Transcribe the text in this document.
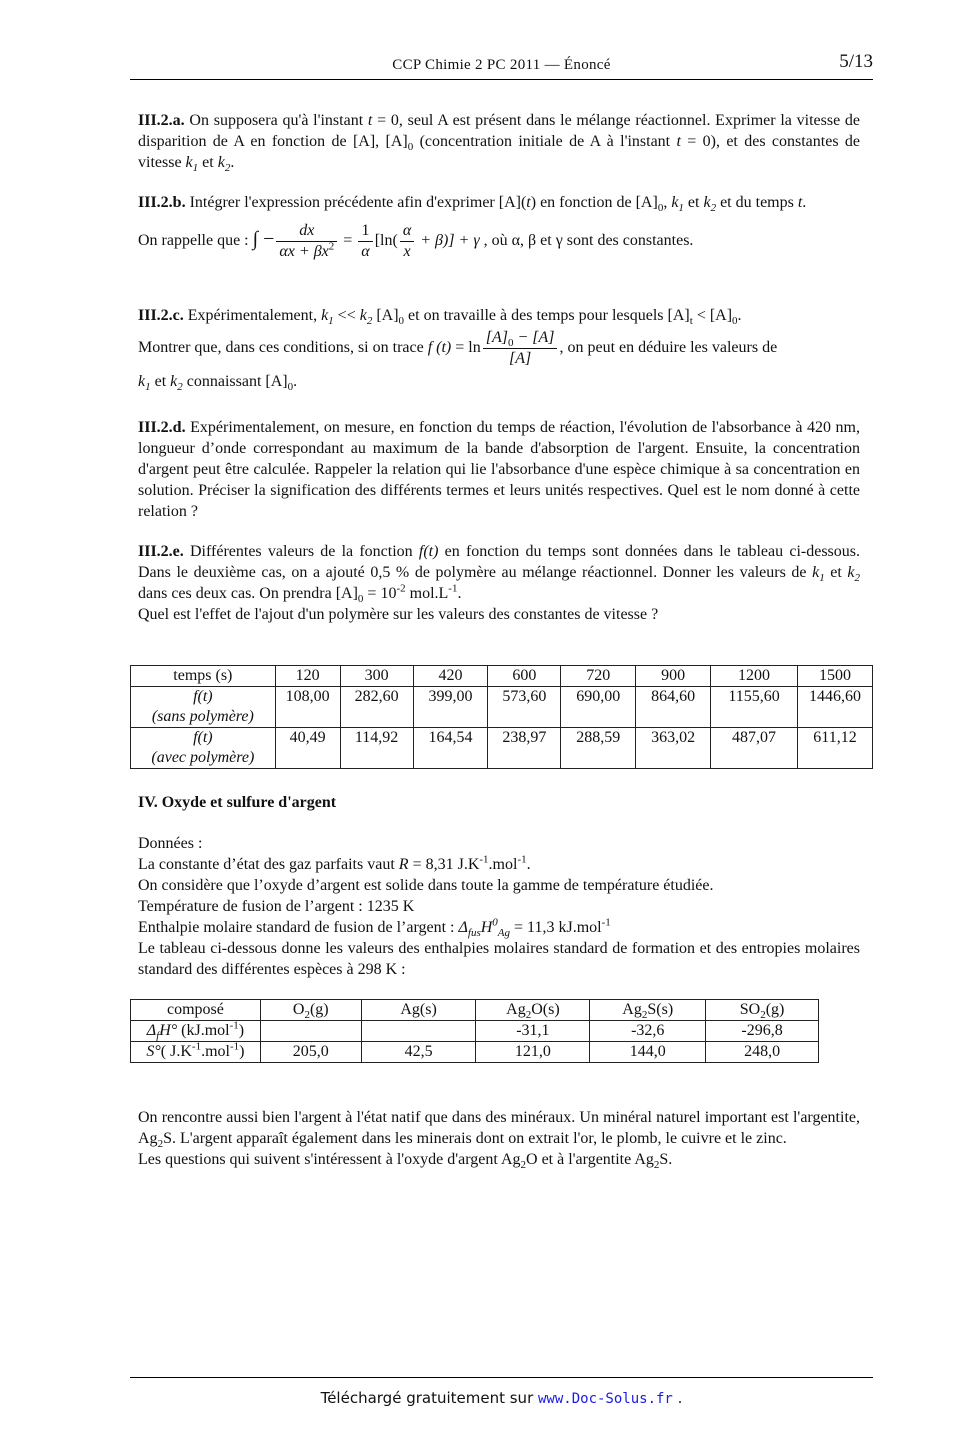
CCP Chimie 2 PC 2011 — Énoncé	5/13

III.2.a. On supposera qu'à l'instant t = 0, seul A est présent dans le mélange réactionnel. Exprimer la vitesse de disparition de A en fonction de [A], $[A]_0$ (concentration initiale de A à l'instant t = 0), et des constantes de vitesse $k_1$ et $k_2$.

III.2.b. Intégrer l'expression précédente afin d'exprimer [A](t) en fonction de $[A]_0$, $k_1$ et $k_2$ et du temps t.

On rappelle que : ∫ − $\frac{dx}{\alpha x + \beta x^2} = \frac{1}{\alpha} [\ln( \frac{\alpha}{x} + \beta)] + \gamma$ , où α, β et γ sont des constantes.

III.2.c. Expérimentalement, $k_1 << k_2$ $[A]_0$ et on travaille à des temps pour lesquels $[A]_t < [A]_0$.

Montrer que, dans ces conditions, si on trace f $(t) = \ln \frac{[A]_0 - [A]}{[A]}$ , on peut en déduire les valeurs de

$k_1$ et $k_2$ connaissant $[A]_0$.

III.2.d. Expérimentalement, on mesure, en fonction du temps de réaction, l'évolution de l'absorbance à 420 nm, longueur d’onde correspondant au maximum de la bande d'absorption de l'argent. Ensuite, la concentration d'argent peut être calculée. Rappeler la relation qui lie l'absorbance d'une espèce chimique à sa concentration en solution. Préciser la signification des différents termes et leurs unités respectives. Quel est le nom donné à cette relation ?

III.2.e. Différentes valeurs de la fonction f(t) en fonction du temps sont données dans le tableau ci-dessous. Dans le deuxième cas, on a ajouté 0,5 % de polymère au mélange réactionnel. Donner les valeurs de $k_1$ et $k_2$ dans ces deux cas. On prendra $[A]_0 = 10^{-2}$ $mol.L^{-1}$.

Quel est l'effet de l'ajout d'un polymère sur les valeurs des constantes de vitesse ?

temps (s)	120	300	420	600	720	900	1200	1500
f(t)
(sans polymère)	108,00	282,60	399,00	573,60	690,00	864,60	1155,60	1446,60
f(t)
(avec polymère)	40,49	114,92	164,54	238,97	288,59	363,02	487,07	611,12

IV. Oxyde et sulfure d'argent

Données :

La constante d’état des gaz parfaits vaut R = 8,31 $J.K^{-1}.mol^{-1}$.

On considère que l’oxyde d’argent est solide dans toute la gamme de température étudiée.

Température de fusion de l’argent : 1235 K

Enthalpie molaire standard de fusion de l’argent : $\Delta_{fus}H^0_{Ag} = 11,3$ kJ.mol$^{-1}$

Le tableau ci-dessous donne les valeurs des enthalpies molaires standard de formation et des entropies molaires standard des différentes espèces à 298 K :

composé	$O_2(g)$	Ag(s)	$Ag_2O(s)$	$Ag_2S(s)$	$SO_2(g)$
$\Delta_fH^\circ$ (kJ.mol$^{-1}$)			-31,1	-32,6	-296,8
S°( $J.K^{-1}.mol^{-1}$)	205,0	42,5	121,0	144,0	248,0

On rencontre aussi bien l'argent à l'état natif que dans des minéraux. Un minéral naturel important est l'argentite, $Ag_2S$. L'argent apparaît également dans les minerais dont on extrait l'or, le plomb, le cuivre et le zinc.

Les questions qui suivent s'intéressent à l'oxyde d'argent $Ag_2O$ et à l'argentite $Ag_2S$.

Téléchargé gratuitement sur www.Doc-Solus.fr .
